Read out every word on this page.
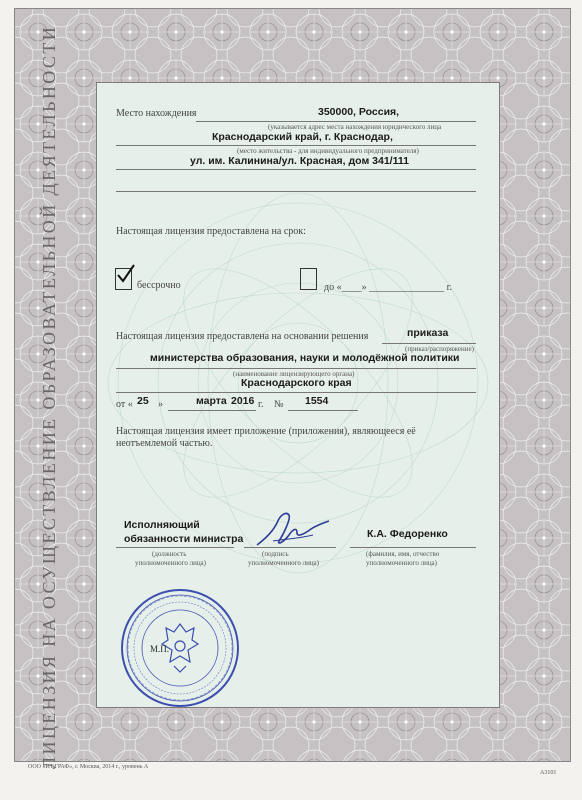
ЛИЦЕНЗИЯ НА ОСУЩЕСТВЛЕНИЕ ОБРАЗОВАТЕЛЬНОЙ ДЕЯТЕЛЬНОСТИ	Место нахождения	350000, Россия,
(указывается адрес места нахождения юридического лица
Краснодарский край, г. Краснодар,
(место жительства - для индивидуального предпринимателя)
ул. им. Калинина/ул. Красная, дом 341/111
Настоящая лицензия предоставлена на срок:
бессрочно	до «____» _______________ г.
Настоящая лицензия предоставлена на основании решения	приказа
(приказ/распоряжение)
министерства образования, науки и молодёжной политики
(наименование лицензирующего органа)
Краснодарского края
от « 25 »	марта 2016 г. № 1554
Настоящая лицензия имеет приложение (приложения), являющееся её
неотъемлемой частью.
Исполняющий
обязанности министра
(должность
уполномоченного лица)
(подпись
уполномоченного лица)
К.А. Федоренко
(фамилия, имя, отчество
уполномоченного лица)
М.П.
ООО «ИТ.ГРАФ», г. Москва, 2014 г., уровень А
А3101
